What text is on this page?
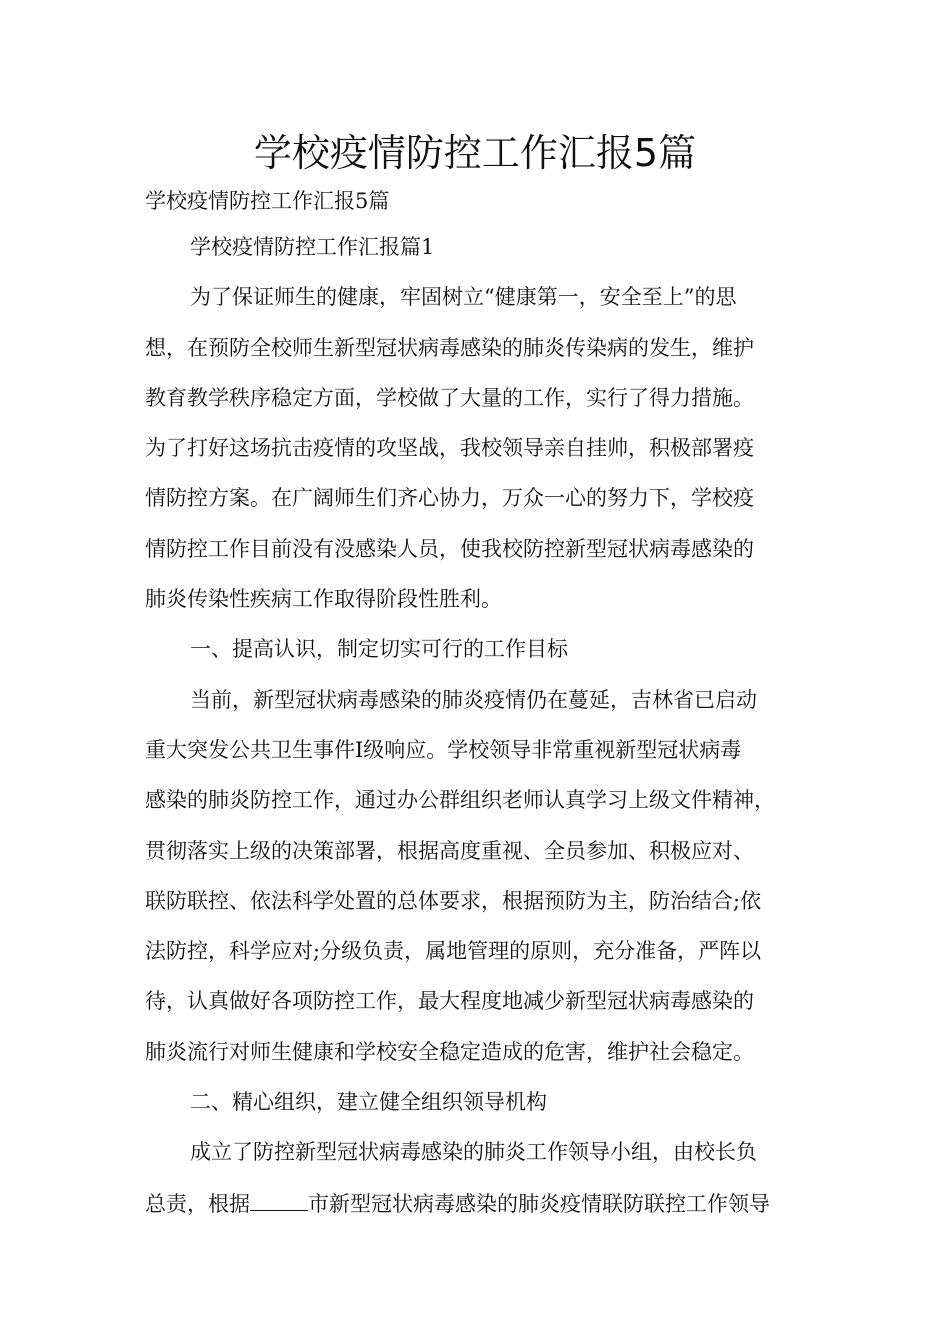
学校疫情防控工作汇报5篇

学校疫情防控工作汇报5篇

学校疫情防控工作汇报篇1
为了保证师生的健康，牢固树立“健康第一，安全至上”的思
想，在预防全校师生新型冠状病毒感染的肺炎传染病的发生，维护
教育教学秩序稳定方面，学校做了大量的工作，实行了得力措施。
为了打好这场抗击疫情的攻坚战，我校领导亲自挂帅，积极部署疫
情防控方案。在广阔师生们齐心协力，万众一心的努力下，学校疫
情防控工作目前没有没感染人员，使我校防控新型冠状病毒感染的
肺炎传染性疾病工作取得阶段性胜利。
一、提高认识，制定切实可行的工作目标
当前，新型冠状病毒感染的肺炎疫情仍在蔓延，吉林省已启动
重大突发公共卫生事件Ⅰ级响应。学校领导非常重视新型冠状病毒
感染的肺炎防控工作，通过办公群组织老师认真学习上级文件精神，
贯彻落实上级的决策部署，根据高度重视、全员参加、积极应对、
联防联控、依法科学处置的总体要求，根据预防为主，防治结合;依
法防控，科学应对;分级负责，属地管理的原则，充分准备，严阵以
待，认真做好各项防控工作，最大程度地减少新型冠状病毒感染的
肺炎流行对师生健康和学校安全稳定造成的危害，维护社会稳定。
二、精心组织，建立健全组织领导机构
成立了防控新型冠状病毒感染的肺炎工作领导小组，由校长负
总责，根据	市新型冠状病毒感染的肺炎疫情联防联控工作领导
